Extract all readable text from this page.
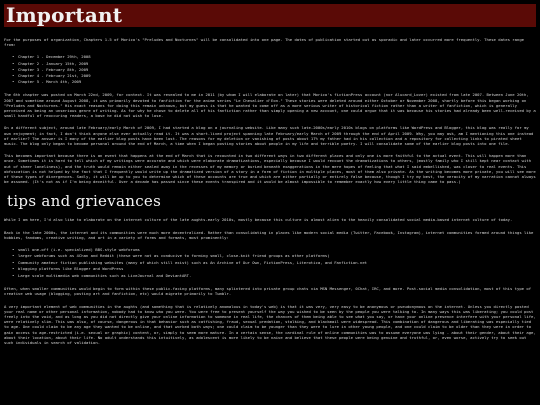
Important

For the purposes of organization, Chapters 1-5 of Morico's "Preludes and Nocturnes" will be consolidated into one page. The dates of publication started out as sporadic and later occurred more frequently. These dates range from:

• Chapter 1 - December 29th, 2008
• Chapter 2 - January 15th, 2009
• Chapter 3 - February 8th, 2009
• Chapter 4 - February 21st, 2009
• Chapter 5 - March 4th, 2009

The 6th chapter was posted on March 22nd, 2009, for context. It was revealed to me in 2011 (by whom I will elaborate on later) that Morico's fictionPress account (nor Alucard_Lover) existed from late 2007. Between June 20th, 2007 and sometime around August 2008, it was primarily devoted to fanfiction for the anime series "Le Chevalier d'Eon." These stories were deleted around either October or November 2008, shortly before this began working on "Preludes and Nocturnes." His exact reasons for doing this remain unknown, but my guess is that he wanted to come off as a more serious writer of historical fiction rather than a writer of fanfiction, which is generally perceived as being an unserious genre of writing. As for why he chose to delete all of his fanfiction rather than simply opening a new account, one could argue that it was because his stories had already been well-received by a small handful of reoccuring readers, a base he did not wish to lose.

On a different subject, around late February/early March of 2009, I had started a blog on a journaling website. Like many such late-2000s/early 2010s blogs on platforms like WordPress and Blogger, this blog was really for my own enjoyment; in fact, I don't think anyone else ever actually read it. It was a short-lived project spanning late February/early March of 2009 through the end of April 2009. Why, you may ask, am I mentioning this one instead of earlier? The answer is I many of the earlier blog posts have been lost. The reasons for my deletion or vanishing of posts about 17% my father had in his collection and a repository for collecting links to pirated sheet music. The blog only began to become personal around the end of March, a time when I began posting stories about people in my life and terrible poetry. I will consolidate some of the earlier blog posts into one file.

This becomes important because there is an event that happens at the end of March that is recounted in two different ways in two different places and only one is more faithful to the actual event. This will happen more than once. Sometimes it is hard to tell which of my writings were accurate and which were elaborate dramatizations, especially because I would recount the dramatizations to others, (mostly family who I still kept near contact with out of sheer loneliness), and the truth would remain either sealed away in the recesses of my memory or buried beneath exaggerations in the mere hopes of feeling that what I said embellished, was closer to real events. This obfuscation is not helped by the fact that I frequently would write up the dramatized version of a story in a form of fiction in multiple places, most of them also private. As the writing becomes more private, you will see more of these types of divergences. Sadly, it will be up to you to determine which of these accounts are true and which are either partially or entirely false because, though I try my best, the veracity of my narration cannot always be assumed. (It's not as if I'm being deceitful. Over a decade has passed since these events transpired and it would be almost impossible to remember exactly how every little thing came to pass.)

tips and grievances

While I am here, I'd also like to elaborate on the internet culture of the late aughts-early 2010s, mostly because this culture is almost alien to the heavily consolidated social media-based internet culture of today.

Back in the late 2000s, the internet and its communities were much more decentralized. Rather than consolidating in places like modern social media (Twitter, Facebook, Instagram), internet communities formed around things like hobbies, fandoms, creative writing, and art in a variety of forms and formats, most prominently:

• small one-off (i.e. specialized) BBS-style webforums
• larger webforums such as 4Chan and Reddit (these were not as conducive to forming small, close-knit friend groups as other platforms)
• Community amateur fiction publishing websites (many of which still exist) such as An Archive of Our Own, FictionPress, Literotica, and Fanfiction.net
• blogging platforms like Blogger and WordPress
• Large scale multimedia web communities such as LiveJournal and DeviantART.

Often, when smaller communities would begin to form within these public-facing platforms, many splintered into private group chats via MSN Messenger, 0Chat, IRC, and more. Post-social media consolidation, most of this type of creative web usage (blogging, posting art and fanfiction, etc) would migrate primarily to Tumblr.

A very important element of web communities in the aughts (and something that is relatively anomalous in today's web) is that it was very, very easy to be anonymous or pseudonymous on the internet. Unless you directly posted your real name or other personal information, nobody had to know who you were. You were free to present yourself the way you wished to be seen by the people you were talking to. In many ways this was liberating; you could post freely into the void, and as long as you did not directly give your online information to someone in real life, the chances of them being able to see what you say, or have your online presence interfere with your personal life, were relatively slim. This was also, of course, dangerous in that behavior such as catfishing, fraud, sexual predation, stalking, and blackmail were widespread. This combination of dangerous and liberating was especially tied to age. One could claim to be any age they wanted to be online, and that worked both ways; one could claim to be younger than they were to lure in other young people, and one could claim to be older than they were in order to gain access to age-restricted (i.e. sexual or graphic) content, or, simply to seem more mature. In a certain sense, the cardinal rule of online communities was to assume everyone was lying - about their gender, about their age, about their location, about their life. No adult understands this intuitively, as adolescent is more likely to be naive and believe that these people were being genuine and truthful, or, even worse, actively try to seek out such individuals in search of validation.
